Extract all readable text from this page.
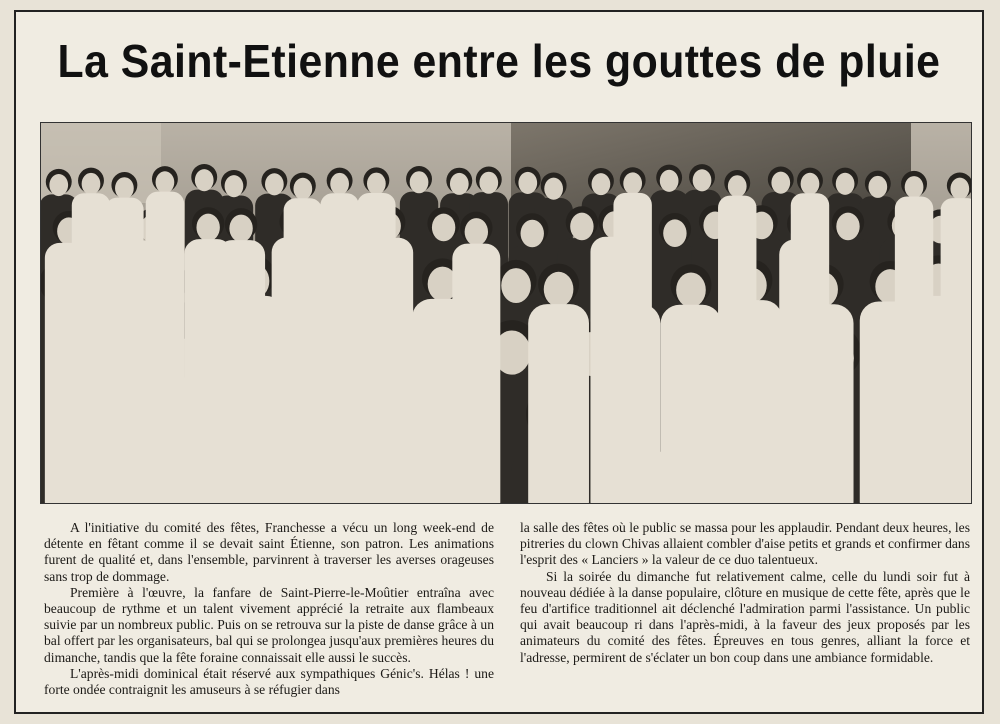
La Saint-Etienne entre les gouttes de pluie

A l'initiative du comité des fêtes, Franchesse a vécu un long week-end de détente en fêtant comme il se devait saint Étienne, son patron. Les animations furent de qualité et, dans l'ensemble, parvinrent à traverser les averses orageuses sans trop de dommage.

Première à l'œuvre, la fanfare de Saint-Pierre-le-Moûtier entraîna avec beaucoup de rythme et un talent vivement apprécié la retraite aux flambeaux suivie par un nombreux public. Puis on se retrouva sur la piste de danse grâce à un bal offert par les organisateurs, bal qui se prolongea jusqu'aux premières heures du dimanche, tandis que la fête foraine connaissait elle aussi le succès.

L'après-midi dominical était réservé aux sympathiques Génic's. Hélas ! une forte ondée contraignit les amuseurs à se réfugier dans

la salle des fêtes où le public se massa pour les applaudir. Pendant deux heures, les pitreries du clown Chivas allaient combler d'aise petits et grands et confirmer dans l'esprit des « Lanciers » la valeur de ce duo talentueux.

Si la soirée du dimanche fut relativement calme, celle du lundi soir fut à nouveau dédiée à la danse populaire, clôture en musique de cette fête, après que le feu d'artifice traditionnel ait déclenché l'admiration parmi l'assistance. Un public qui avait beaucoup ri dans l'après-midi, à la faveur des jeux proposés par les animateurs du comité des fêtes. Épreuves en tous genres, alliant la force et l'adresse, permirent de s'éclater un bon coup dans une ambiance formidable.
